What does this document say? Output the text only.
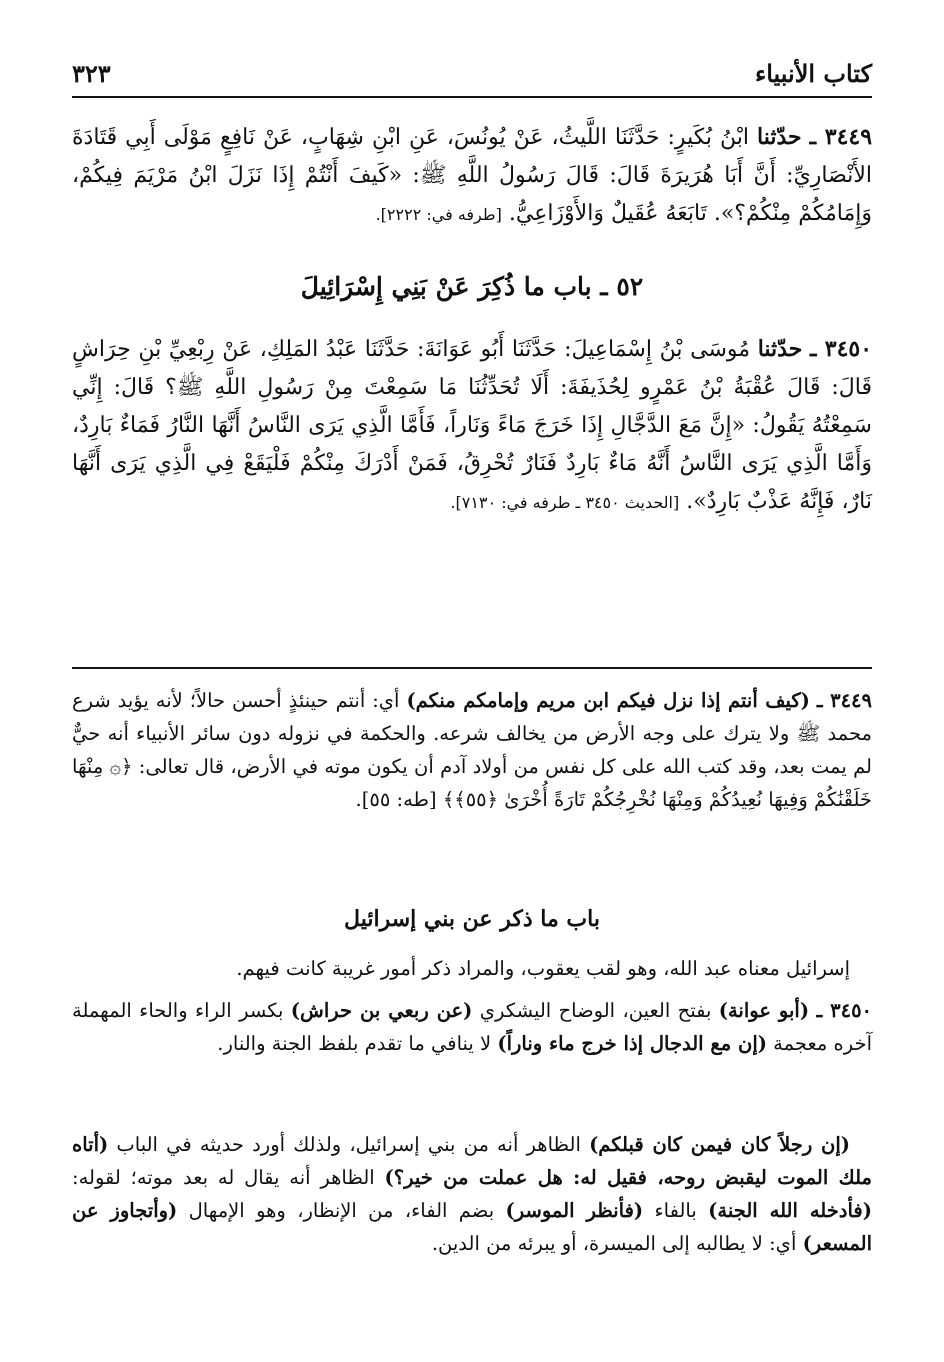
كتاب الأنبياء
٣٢٣

٣٤٤٩ ـ حدّثنا ابْنُ بُكَيرٍ: حَدَّثَنَا اللَّيثُ، عَنْ يُونُسَ، عَنِ ابْنِ شِهَابٍ، عَنْ نَافِعٍ مَوْلَى أَبِي قَتَادَةَ الأَنْصَارِيِّ: أَنَّ أَبَا هُرَيرَةَ قَالَ: قَالَ رَسُولُ اللَّهِ ﷺ: «كَيفَ أَنْتُمْ إِذَا نَزَلَ ابْنُ مَرْيَمَ فِيكُمْ، وَإِمَامُكُمْ مِنْكُمْ؟». تَابَعَهُ عُقَيلٌ وَالأَوْزَاعِيُّ. [طرفه في: ٢٢٢٢].

٥٢ ـ باب ما ذُكِرَ عَنْ بَنِي إِسْرَائِيلَ

٣٤٥٠ ـ حدّثنا مُوسَى بْنُ إِسْمَاعِيلَ: حَدَّثَنَا أَبُو عَوَانَةَ: حَدَّثَنَا عَبْدُ المَلِكِ، عَنْ رِبْعِيِّ بْنِ حِرَاشٍ قَالَ: قَالَ عُقْبَةُ بْنُ عَمْرٍو لِحُذَيفَةَ: أَلَا تُحَدِّثُنَا مَا سَمِعْتَ مِنْ رَسُولِ اللَّهِ ﷺ؟ قَالَ: إِنِّي سَمِعْتُهُ يَقُولُ: «إِنَّ مَعَ الدَّجَّالِ إِذَا خَرَجَ مَاءً وَنَاراً، فَأَمَّا الَّذِي يَرَى النَّاسُ أَنَّهَا النَّارُ فَمَاءٌ بَارِدٌ، وَأَمَّا الَّذِي يَرَى النَّاسُ أَنَّهُ مَاءٌ بَارِدٌ فَنَارٌ تُحْرِقُ، فَمَنْ أَدْرَكَ مِنْكُمْ فَلْيَقَعْ فِي الَّذِي يَرَى أَنَّهَا نَارٌ، فَإِنَّهُ عَذْبٌ بَارِدٌ». [الحديث ٣٤٥٠ ـ طرفه في: ٧١٣٠].

٣٤٤٩ ـ (كيف أنتم إذا نزل فيكم ابن مريم وإمامكم منكم) أي: أنتم حينئذٍ أحسن حالاً؛ لأنه يؤيد شرع محمد ﷺ ولا يترك على وجه الأرض من يخالف شرعه. والحكمة في نزوله دون سائر الأنبياء أنه حيٌّ لم يمت بعد، وقد كتب الله على كل نفس من أولاد آدم أن يكون موته في الأرض، قال تعالى: ﴿۞ مِنْهَا خَلَقْنَٰكُمْ وَفِيهَا نُعِيدُكُمْ وَمِنْهَا نُخْرِجُكُمْ تَارَةً أُخْرَىٰ ﴿٥٥﴾﴾ [طه: ٥٥].

باب ما ذكر عن بني إسرائيل

إسرائيل معناه عبد الله، وهو لقب يعقوب، والمراد ذكر أمور غريبة كانت فيهم.

٣٤٥٠ ـ (أبو عوانة) بفتح العين، الوضاح اليشكري (عن ربعي بن حراش) بكسر الراء والحاء المهملة آخره معجمة (إن مع الدجال إذا خرج ماء وناراً) لا ينافي ما تقدم بلفظ الجنة والنار.

(إن رجلاً كان فيمن كان قبلكم) الظاهر أنه من بني إسرائيل، ولذلك أورد حديثه في الباب (أتاه ملك الموت ليقبض روحه، فقيل له: هل عملت من خير؟) الظاهر أنه يقال له بعد موته؛ لقوله: (فأدخله الله الجنة) بالفاء (فأنظر الموسر) بضم الفاء، من الإنظار، وهو الإمهال (وأتجاوز عن المسعر) أي: لا يطالبه إلى الميسرة، أو يبرئه من الدين.
